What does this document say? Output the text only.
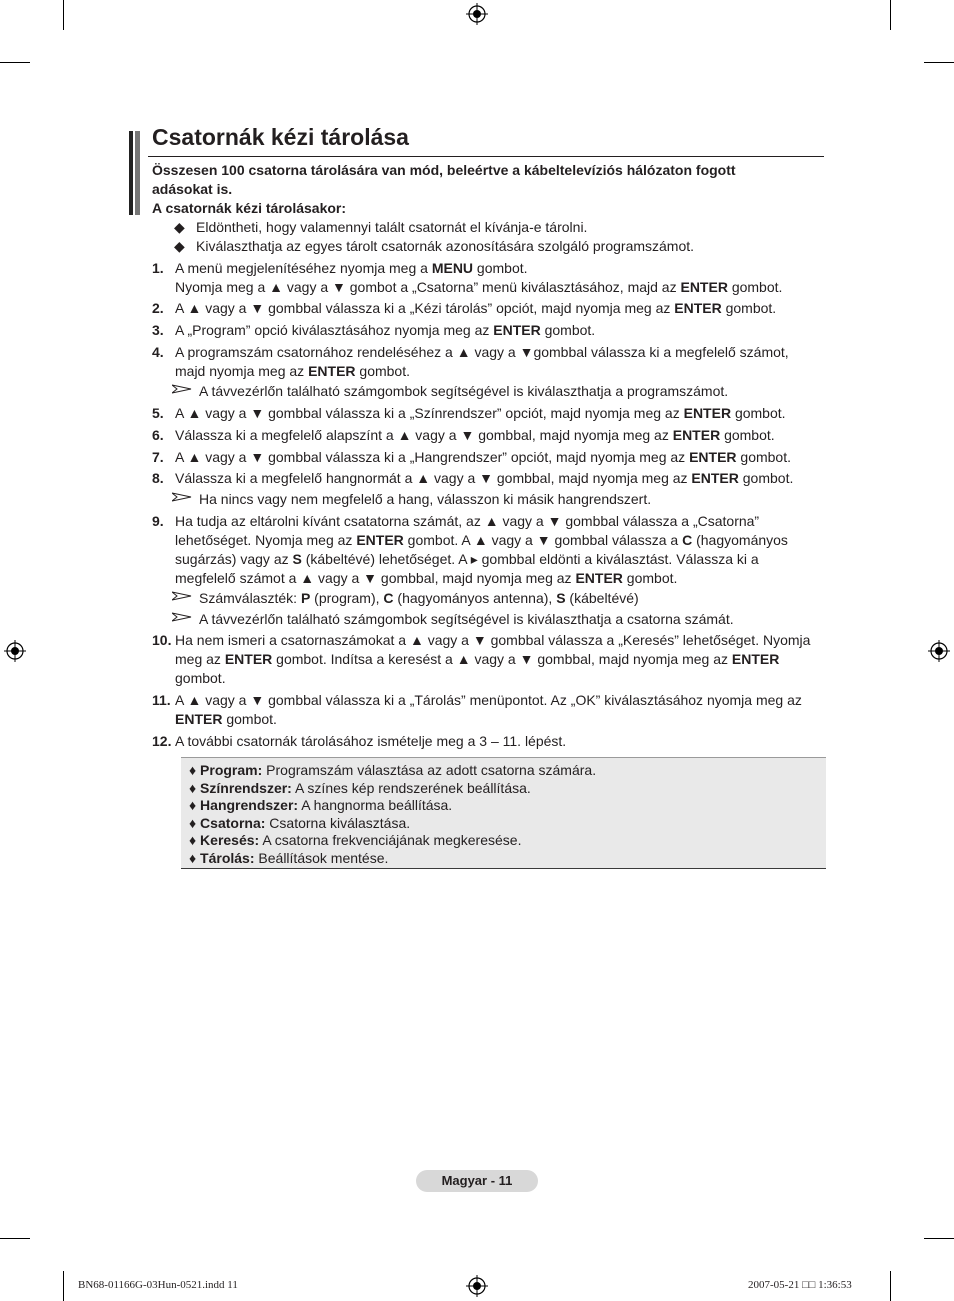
Csatornák kézi tárolása
Összesen 100 csatorna tárolására van mód, beleértve a kábeltelevíziós hálózaton fogott
adásokat is.
A csatornák kézi tárolásakor:
◆ Eldöntheti, hogy valamennyi talált csatornát el kívánja-e tárolni.
◆ Kiválaszthatja az egyes tárolt csatornák azonosítására szolgáló programszámot.
1. A menü megjelenítéséhez nyomja meg a MENU gombot.
Nyomja meg a ▲ vagy a ▼ gombot a „Csatorna” menü kiválasztásához, majd az ENTER gombot.
2. A ▲ vagy a ▼ gombbal válassza ki a „Kézi tárolás” opciót, majd nyomja meg az ENTER gombot.
3. A „Program” opció kiválasztásához nyomja meg az ENTER gombot.
4. A programszám csatornához rendeléséhez a ▲ vagy a ▼gombbal válassza ki a megfelelő számot,
majd nyomja meg az ENTER gombot.
A távvezérlőn található számgombok segítségével is kiválaszthatja a programszámot.
5. A ▲ vagy a ▼ gombbal válassza ki a „Színrendszer” opciót, majd nyomja meg az ENTER gombot.
6. Válassza ki a megfelelő alapszínt a ▲ vagy a ▼ gombbal, majd nyomja meg az ENTER gombot.
7. A ▲ vagy a ▼ gombbal válassza ki a „Hangrendszer” opciót, majd nyomja meg az ENTER gombot.
8. Válassza ki a megfelelő hangnormát a ▲ vagy a ▼ gombbal, majd nyomja meg az ENTER gombot.
Ha nincs vagy nem megfelelő a hang, válasszon ki másik hangrendszert.
9. Ha tudja az eltárolni kívánt csatatorna számát, az ▲ vagy a ▼ gombbal válassza a „Csatorna”
lehetőséget. Nyomja meg az ENTER gombot. A ▲ vagy a ▼ gombbal válassza a C (hagyományos
sugárzás) vagy az S (kábeltévé) lehetőséget. A ▸ gombbal eldönti a kiválasztást. Válassza ki a
megfelelő számot a ▲ vagy a ▼ gombbal, majd nyomja meg az ENTER gombot.
Számválaszték: P (program), C (hagyományos antenna), S (kábeltévé)
A távvezérlőn található számgombok segítségével is kiválaszthatja a csatorna számát.
10. Ha nem ismeri a csatornaszámokat a ▲ vagy a ▼ gombbal válassza a „Keresés” lehetőséget. Nyomja
meg az ENTER gombot. Indítsa a keresést a ▲ vagy a ▼ gombbal, majd nyomja meg az ENTER
gombot.
11. A ▲ vagy a ▼ gombbal válassza ki a „Tárolás” menüpontot. Az „OK” kiválasztásához nyomja meg az
ENTER gombot.
12. A további csatornák tárolásához ismételje meg a 3 – 11. lépést.
♦ Program: Programszám választása az adott csatorna számára.
♦ Színrendszer: A színes kép rendszerének beállítása.
♦ Hangrendszer: A hangnorma beállítása.
♦ Csatorna: Csatorna kiválasztása.
♦ Keresés: A csatorna frekvenciájának megkeresése.
♦ Tárolás: Beállítások mentése.
Magyar - 11
BN68-01166G-03Hun-0521.indd 11	2007-05-21 □□ 1:36:53
